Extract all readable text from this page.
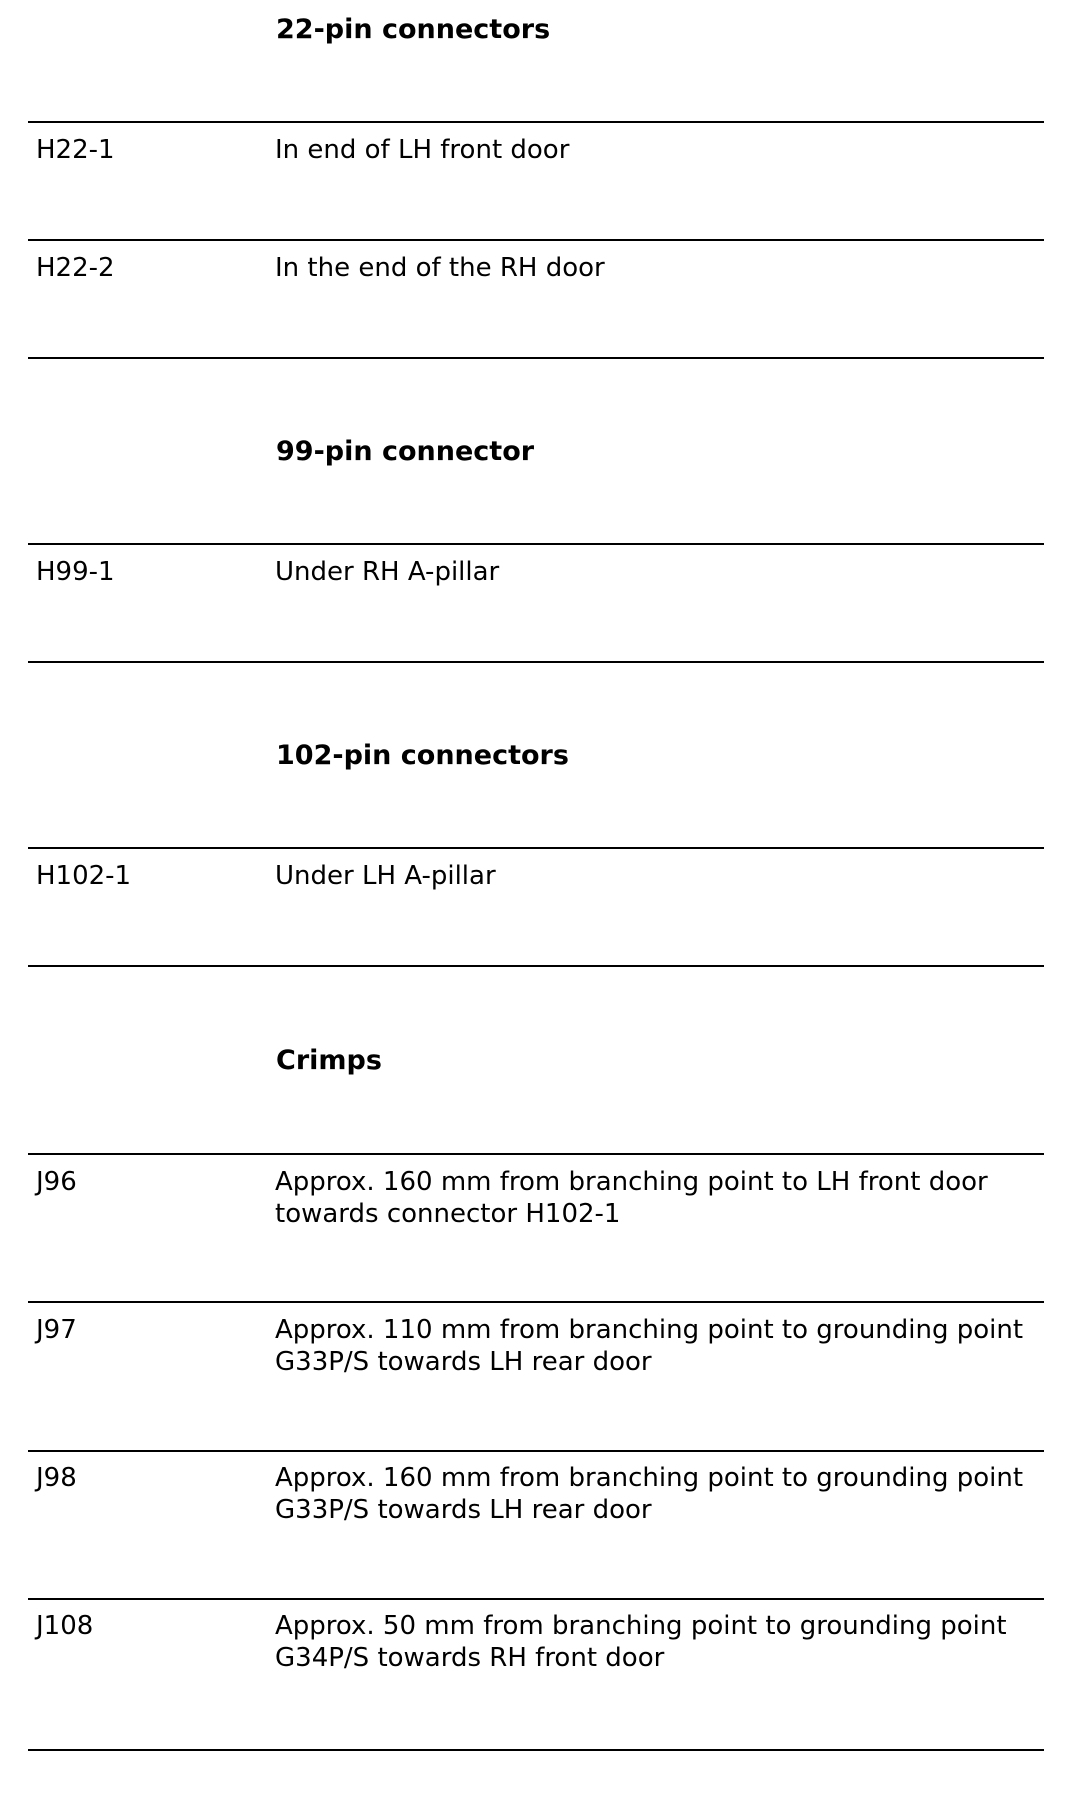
22-pin connectors
H22-1	In end of LH front door
H22-2	In the end of the RH door
99-pin connector
H99-1	Under RH A-pillar
102-pin connectors
H102-1	Under LH A-pillar
Crimps
J96	Approx. 160 mm from branching point to LH front door towards connector H102-1
J97	Approx. 110 mm from branching point to grounding point G33P/S towards LH rear door
J98	Approx. 160 mm from branching point to grounding point G33P/S towards LH rear door
J108	Approx. 50 mm from branching point to grounding point G34P/S towards RH front door
